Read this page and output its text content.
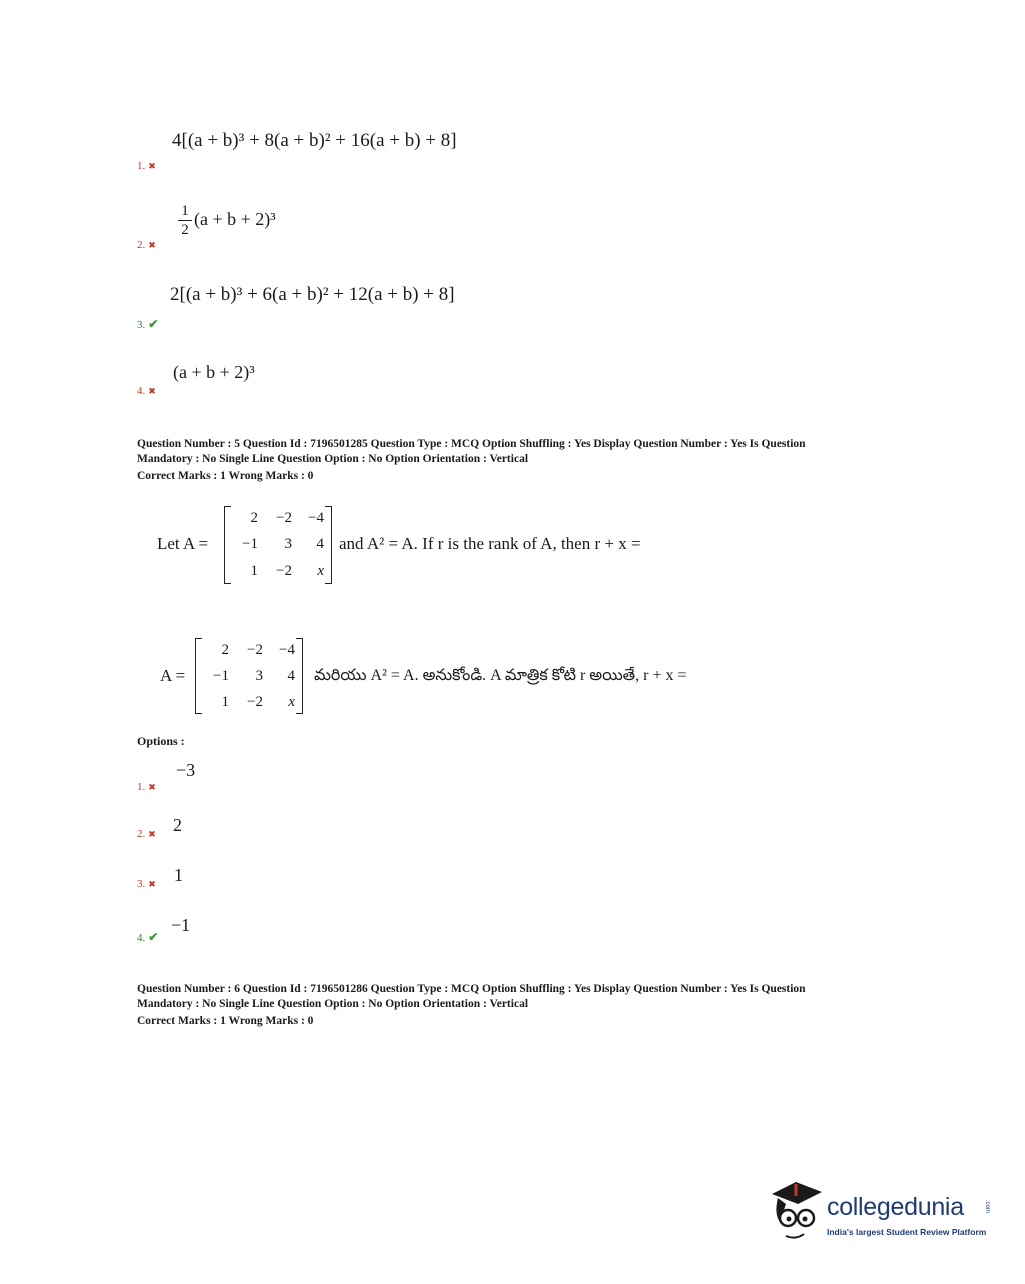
4[(a + b)³ + 8(a + b)² + 16(a + b) + 8]
1. ✖
1
2
(a + b + 2)³
2. ✖
2[(a + b)³ + 6(a + b)² + 12(a + b) + 8]
3. ✔
(a + b + 2)³
4. ✖
Question Number : 5 Question Id : 7196501285 Question Type : MCQ Option Shuffling : Yes Display Question Number : Yes Is Question
Mandatory : No Single Line Question Option : No Option Orientation : Vertical
Correct Marks : 1 Wrong Marks : 0
Let A =
2	−2	−4
−1	3	4
1	−2	x
and A² = A. If r is the rank of A, then r + x =
A =
2	−2	−4
−1	3	4
1	−2	x
మరియు A² = A. అనుకోండి. A మాత్రిక కోటి r అయితే, r + x =
Options :
−3
1. ✖
2
2. ✖
1
3. ✖
−1
4. ✔
Question Number : 6 Question Id : 7196501286 Question Type : MCQ Option Shuffling : Yes Display Question Number : Yes Is Question
Mandatory : No Single Line Question Option : No Option Orientation : Vertical
Correct Marks : 1 Wrong Marks : 0
collegedunia	.com
India's largest Student Review Platform
